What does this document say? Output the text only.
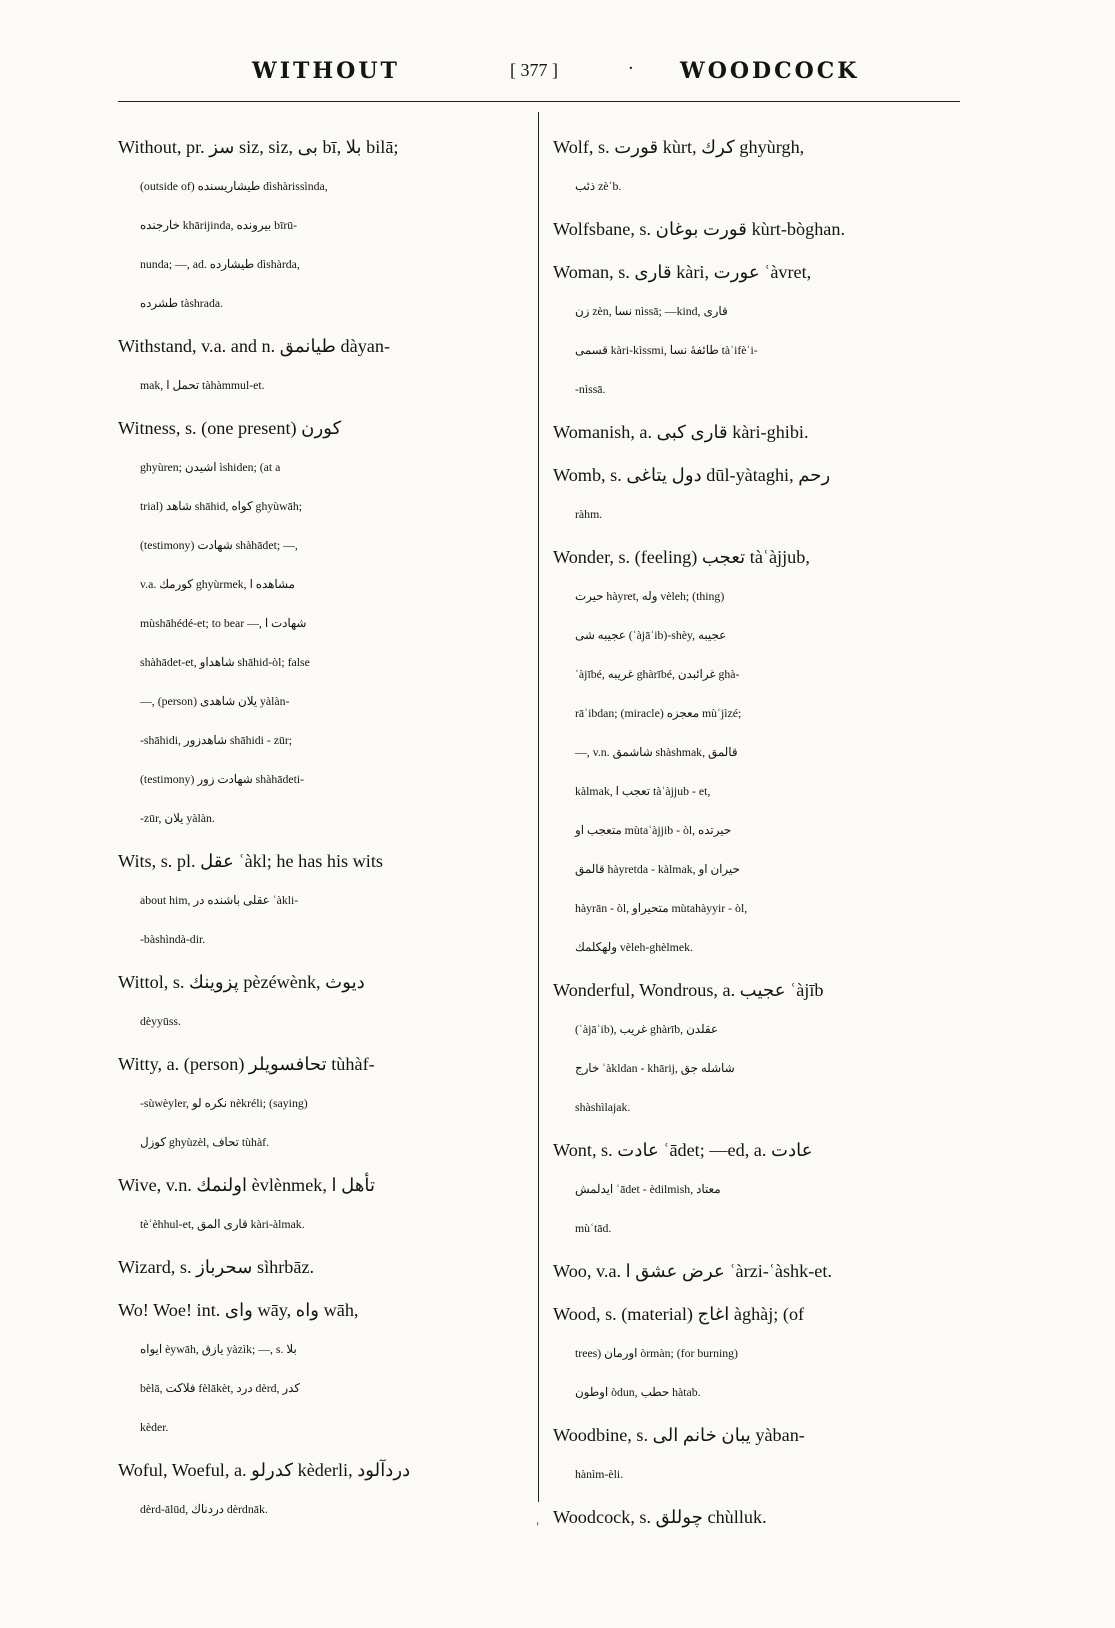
WITHOUT	[ 377 ]	· WOODCOCK
Without, pr. سز siz, siz, بی bī, بلا bilā;
(outside of) طیشاریسنده dìshàrissìnda,
خارجنده khārijinda, بیرونده bīrū-
nunda; —, ad. طیشارده dìshàrda,
طشرده tàshrada.
Withstand, v.a. and n. طیانمق dàyan-
mak, تحمل ا tàhàmmul-et.
Witness, s. (one present) کورن
ghyùren; اشیدن ìshiden; (at a
trial) شاهد shāhid, کواه ghyùwāh;
(testimony) شهادت shàhādet; —,
v.a. کورمك ghyùrmek, مشاهده ا
mùshāhédé-et; to bear —, شهادت ا
shàhādet-et, شاهداو shāhid-òl; false
—, (person) یلان شاهدی yàlàn-
-shāhidi, شاهدزور shāhidi - zūr;
(testimony) شهادت زور shàhādeti-
-zūr, یلان yàlàn.
Wits, s. pl. عقل ʿàkl; he has his wits
about him, عقلی باشنده در ʿàkli-
-bàshìndà-dir.
Wittol, s. پزوینك pèzéwènk, دیوث
dèyyūss.
Witty, a. (person) تحافسویلر tùhàf-
-sùwèyler, نکره لو nèkréli; (saying)
کوزل ghyùzèl, تحاف tùhàf.
Wive, v.n. اولنمك èvlènmek, تأهل ا
tèʾèhhul-et, قاری المق kàri-àlmak.
Wizard, s. سحرباز sìhrbāz.
Wo! Woe! int. وای wāy, واه wāh,
ایواه èywāh, یازق yàzìk; —, s. بلا
bèlā, فلاکت fèlākèt, درد dèrd, کدر
kèder.
Woful, Woeful, a. کدرلو kèderli, دردآلود
dèrd-ālūd, دردناك dèrdnāk.
Wolf, s. قورت kùrt, کرك ghyùrgh,
ذئب zèʾb.
Wolfsbane, s. قورت بوغان kùrt-bòghan.
Woman, s. قاری kàri, عورت ʿàvret,
زن zèn, نسا nìssā; —kind, قاری
قسمی kàri-kìssmi, طائفهٔ نسا tàʾifèʾi-
-nìssā.
Womanish, a. قاری کبی kàri-ghibi.
Womb, s. دول یتاغی dūl-yàtaghi, رحم
ràhm.
Wonder, s. (feeling) تعجب tàʿàjjub,
حیرت hàyret, وله vèleh; (thing)
عجیبه شی (ʿàjāʾib)-shèy, عجیبه
ʿàjībé, غریبه ghàrībé, غرائبدن ghà-
rāʾibdan; (miracle) معجزه mùʿjìzé;
—, v.n. شاشمق shàshmak, قالمق
kàlmak, تعجب ا tàʿàjjub - et,
متعجب او mùtaʿàjjib - òl, حیرتده
قالمق hàyretda - kàlmak, حیران او
hàyrān - òl, متحیراو mùtahàyyir - òl,
ولهکلمك vèleh-ghèlmek.
Wonderful, Wondrous, a. عجیب ʿàjīb
(ʿàjāʾib), غریب ghàrīb, عقلدن
خارج ʿàkldan - khārij, شاشله جق
shàshìlajak.
Wont, s. عادت ʿādet; —ed, a. عادت
ایدلمش ʿādet - èdilmish, معتاد
mùʿtād.
Woo, v.a. عرض عشق ا ʿàrzi-ʿàshk-et.
Wood, s. (material) اغاج àghàj; (of
trees) اورمان òrmàn; (for burning)
اوطون òdun, حطب hàtab.
Woodbine, s. یبان خانم الی yàban-
hànìm-èli.
Woodcock, s. چوللق chùlluk.
'
